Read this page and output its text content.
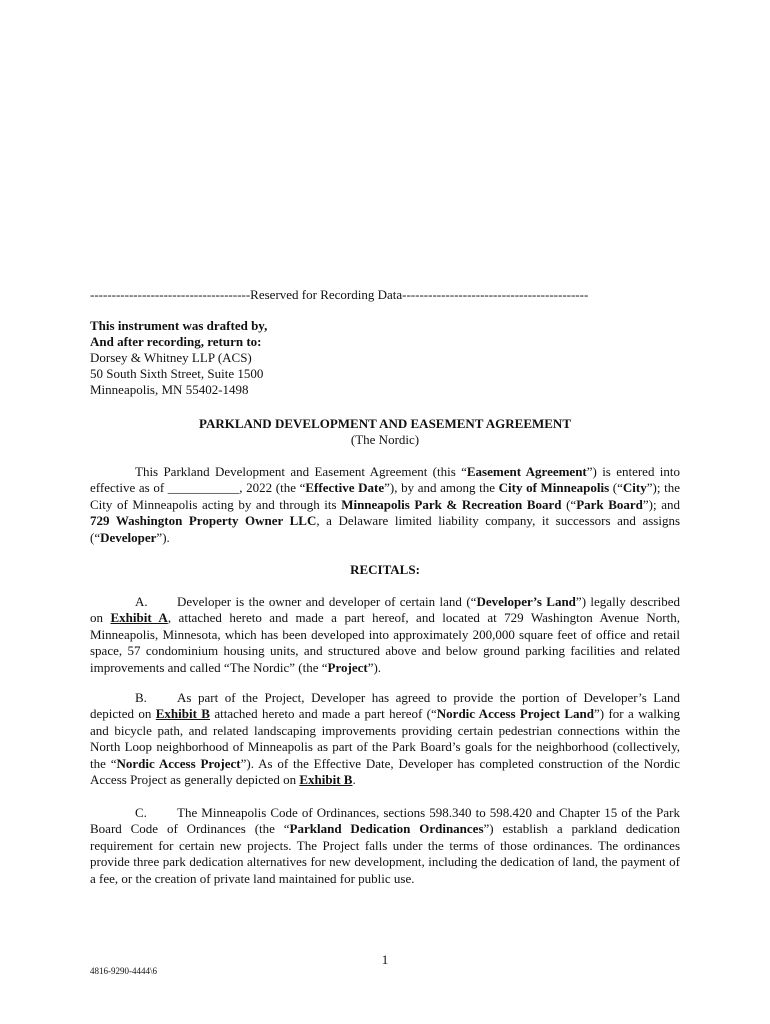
-------------------------------------Reserved for Recording Data-------------------------------------------
This instrument was drafted by,
And after recording, return to:
Dorsey & Whitney LLP (ACS)
50 South Sixth Street, Suite 1500
Minneapolis, MN 55402-1498
PARKLAND DEVELOPMENT AND EASEMENT AGREEMENT
(The Nordic)
This Parkland Development and Easement Agreement (this “Easement Agreement”) is entered into effective as of ___________, 2022 (the “Effective Date”), by and among the City of Minneapolis (“City”); the City of Minneapolis acting by and through its Minneapolis Park & Recreation Board (“Park Board”); and 729 Washington Property Owner LLC, a Delaware limited liability company, it successors and assigns (“Developer”).
RECITALS:
A. Developer is the owner and developer of certain land (“Developer’s Land”) legally described on Exhibit A, attached hereto and made a part hereof, and located at 729 Washington Avenue North, Minneapolis, Minnesota, which has been developed into approximately 200,000 square feet of office and retail space, 57 condominium housing units, and structured above and below ground parking facilities and related improvements and called “The Nordic” (the “Project”).
B. As part of the Project, Developer has agreed to provide the portion of Developer’s Land depicted on Exhibit B attached hereto and made a part hereof (“Nordic Access Project Land”) for a walking and bicycle path, and related landscaping improvements providing certain pedestrian connections within the North Loop neighborhood of Minneapolis as part of the Park Board’s goals for the neighborhood (collectively, the “Nordic Access Project”). As of the Effective Date, Developer has completed construction of the Nordic Access Project as generally depicted on Exhibit B.
C. The Minneapolis Code of Ordinances, sections 598.340 to 598.420 and Chapter 15 of the Park Board Code of Ordinances (the “Parkland Dedication Ordinances”) establish a parkland dedication requirement for certain new projects. The Project falls under the terms of those ordinances. The ordinances provide three park dedication alternatives for new development, including the dedication of land, the payment of a fee, or the creation of private land maintained for public use.
1
4816-9290-4444\6
